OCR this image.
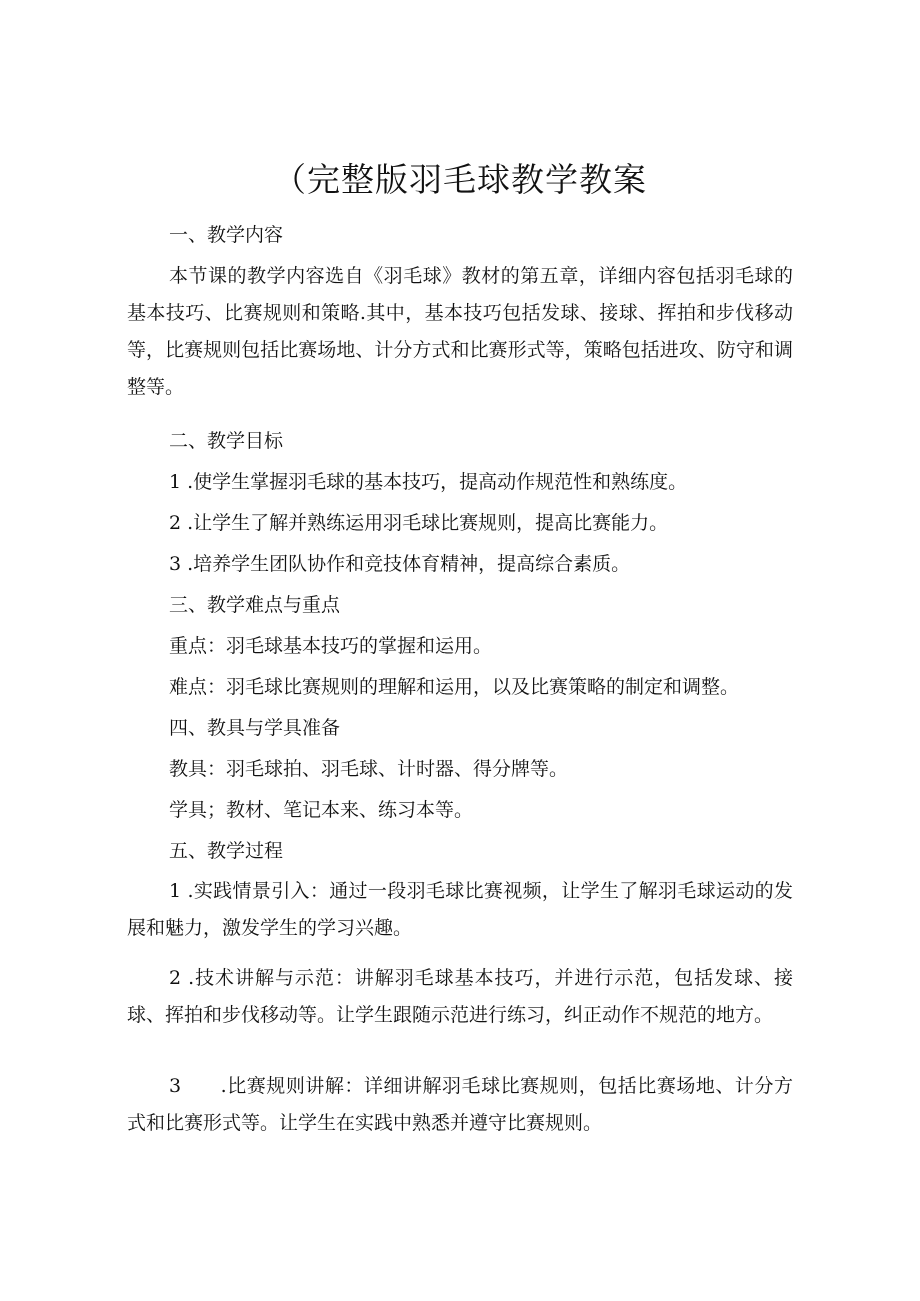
（完整版羽毛球教学教案
一、教学内容
本节课的教学内容选自《羽毛球》教材的第五章，详细内容包括羽毛球的基本技巧、比赛规则和策略.其中，基本技巧包括发球、接球、挥拍和步伐移动等，比赛规则包括比赛场地、计分方式和比赛形式等，策略包括进攻、防守和调整等。
二、教学目标
1 .使学生掌握羽毛球的基本技巧，提高动作规范性和熟练度。
2 .让学生了解并熟练运用羽毛球比赛规则，提高比赛能力。
3 .培养学生团队协作和竞技体育精神，提高综合素质。
三、教学难点与重点
重点：羽毛球基本技巧的掌握和运用。
难点：羽毛球比赛规则的理解和运用，以及比赛策略的制定和调整。
四、教具与学具准备
教具：羽毛球拍、羽毛球、计时器、得分牌等。
学具；教材、笔记本来、练习本等。
五、教学过程
1 .实践情景引入：通过一段羽毛球比赛视频，让学生了解羽毛球运动的发展和魅力，激发学生的学习兴趣。
2 .技术讲解与示范：讲解羽毛球基本技巧，并进行示范，包括发球、接球、挥拍和步伐移动等。让学生跟随示范进行练习，纠正动作不规范的地方。
3　　.比赛规则讲解：详细讲解羽毛球比赛规则，包括比赛场地、计分方式和比赛形式等。让学生在实践中熟悉并遵守比赛规则。
